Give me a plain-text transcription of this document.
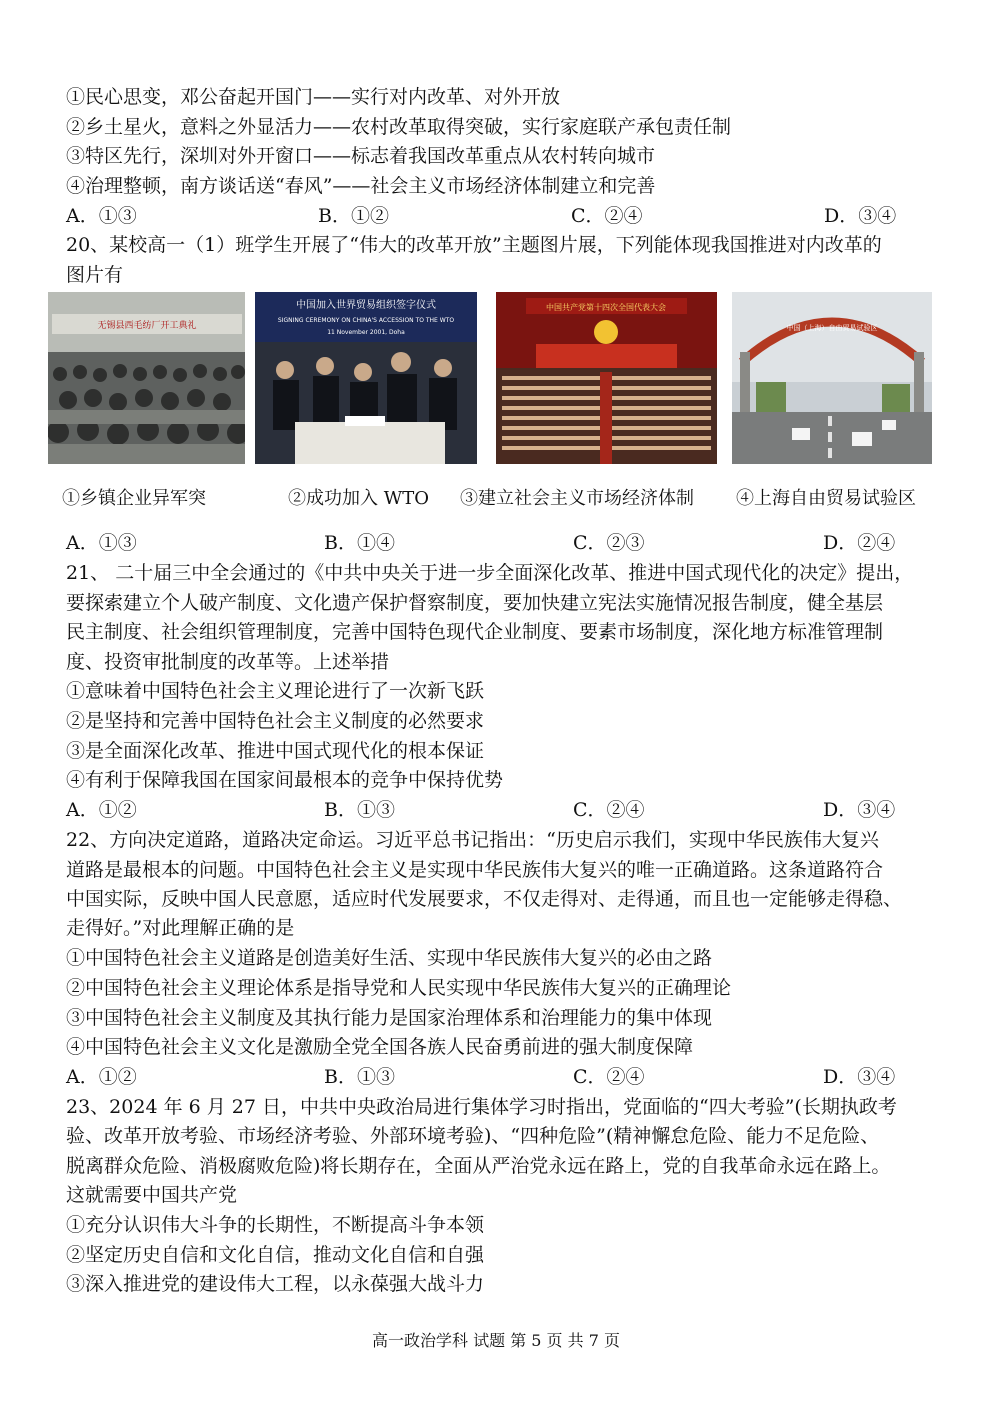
①民心思变，邓公奋起开国门——实行对内改革、对外开放
②乡土星火，意料之外显活力——农村改革取得突破，实行家庭联产承包责任制
③特区先行，深圳对外开窗口——标志着我国改革重点从农村转向城市
④治理整顿，南方谈话送“春风”——社会主义市场经济体制建立和完善
A．①③	B．①②	C．②④	D．③④
20、某校高一（1）班学生开展了“伟大的改革开放”主题图片展，下列能体现我国推进对内改革的
图片有
无锡县西毛纺厂开工典礼
中国加入世界贸易组织签字仪式
SIGNING CEREMONY ON CHINA'S ACCESSION TO THE WTO
11 November 2001, Doha
中国共产党第十四次全国代表大会
中国（上海）自由贸易试验区
①乡镇企业异军突	②成功加入 WTO ③建立社会主义市场经济体制 ④上海自由贸易试验区
A．①③	B．①④	C．②③	D．②④
21、 二十届三中全会通过的《中共中央关于进一步全面深化改革、推进中国式现代化的决定》提出，
要探索建立个人破产制度、文化遗产保护督察制度，要加快建立宪法实施情况报告制度，健全基层
民主制度、社会组织管理制度，完善中国特色现代企业制度、要素市场制度，深化地方标准管理制
度、投资审批制度的改革等。上述举措
①意味着中国特色社会主义理论进行了一次新飞跃
②是坚持和完善中国特色社会主义制度的必然要求
③是全面深化改革、推进中国式现代化的根本保证
④有利于保障我国在国家间最根本的竞争中保持优势
A．①②	B．①③	C．②④	D．③④
22、方向决定道路，道路决定命运。习近平总书记指出：“历史启示我们，实现中华民族伟大复兴
道路是最根本的问题。中国特色社会主义是实现中华民族伟大复兴的唯一正确道路。这条道路符合
中国实际，反映中国人民意愿，适应时代发展要求，不仅走得对、走得通，而且也一定能够走得稳、
走得好。”对此理解正确的是
①中国特色社会主义道路是创造美好生活、实现中华民族伟大复兴的必由之路
②中国特色社会主义理论体系是指导党和人民实现中华民族伟大复兴的正确理论
③中国特色社会主义制度及其执行能力是国家治理体系和治理能力的集中体现
④中国特色社会主义文化是激励全党全国各族人民奋勇前进的强大制度保障
A．①②	B．①③	C．②④	D．③④
23、2024 年 6 月 27 日，中共中央政治局进行集体学习时指出，党面临的“四大考验”(长期执政考
验、改革开放考验、市场经济考验、外部环境考验)、“四种危险”(精神懈怠危险、能力不足危险、
脱离群众危险、消极腐败危险)将长期存在，全面从严治党永远在路上，党的自我革命永远在路上。
这就需要中国共产党
①充分认识伟大斗争的长期性，不断提高斗争本领
②坚定历史自信和文化自信，推动文化自信和自强
③深入推进党的建设伟大工程，以永葆强大战斗力
高一政治学科 试题 第 5 页 共 7 页
